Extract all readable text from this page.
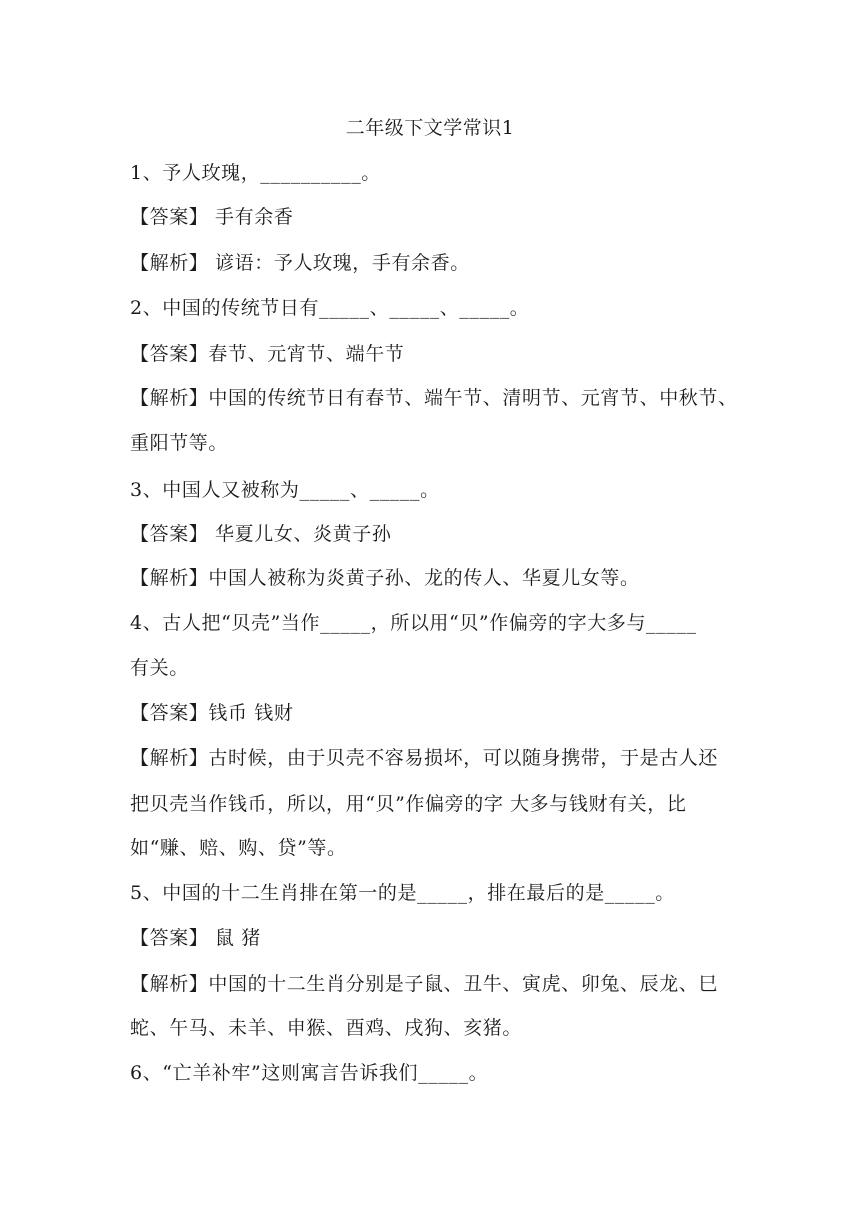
二年级下文学常识1
1、予人玫瑰，__________。
【答案】 手有余香
【解析】 谚语：予人玫瑰，手有余香。
2、中国的传统节日有_____、_____、_____。
【答案】春节、元宵节、端午节
【解析】中国的传统节日有春节、端午节、清明节、元宵节、中秋节、
重阳节等。
3、中国人又被称为_____、_____。
【答案】 华夏儿女、炎黄子孙
【解析】中国人被称为炎黄子孙、龙的传人、华夏儿女等。
4、古人把“贝壳”当作_____，所以用“贝”作偏旁的字大多与_____
有关。
【答案】钱币 钱财
【解析】古时候，由于贝壳不容易损坏，可以随身携带，于是古人还
把贝壳当作钱币，所以，用“贝”作偏旁的字 大多与钱财有关，比
如“赚、赔、购、贷”等。
5、中国的十二生肖排在第一的是_____，排在最后的是_____。
【答案】 鼠 猪
【解析】中国的十二生肖分别是子鼠、丑牛、寅虎、卯兔、辰龙、巳
蛇、午马、未羊、申猴、酉鸡、戌狗、亥猪。
6、“亡羊补牢”这则寓言告诉我们_____。
